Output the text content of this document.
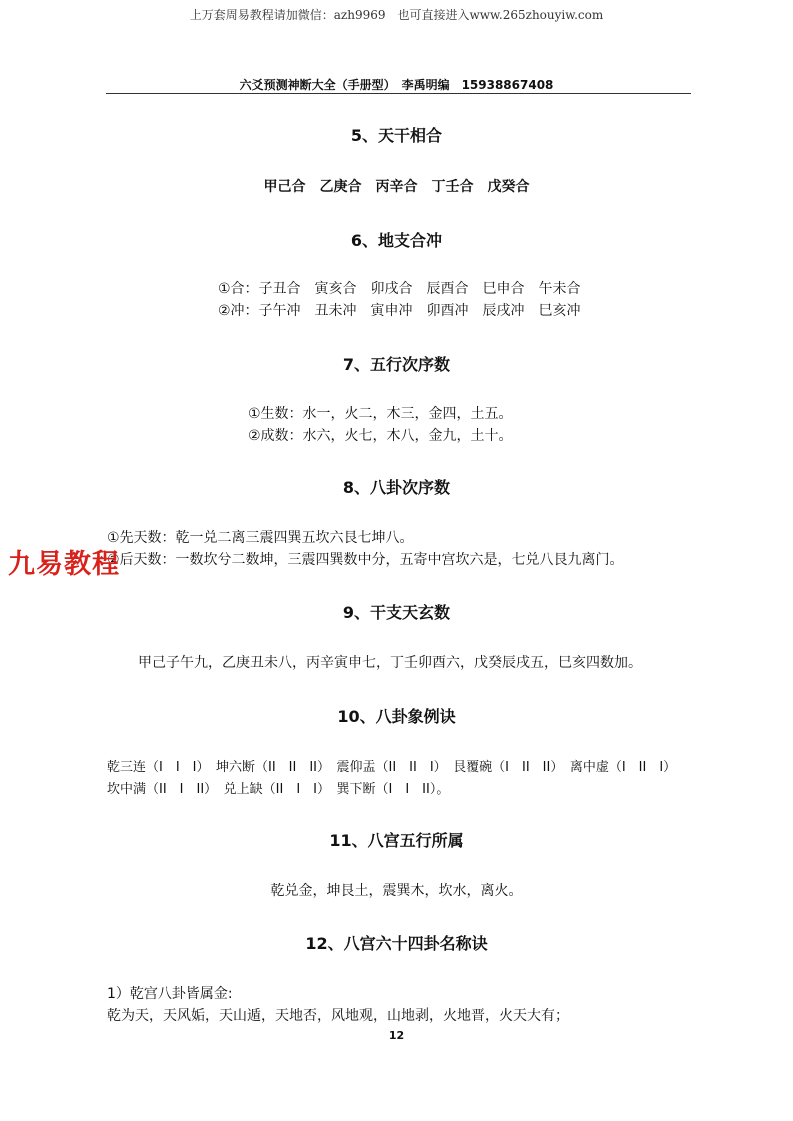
上万套周易教程请加微信：azh9969　也可直接进入www.265zhouyiw.com
六爻预测神断大全（手册型）　李禹明编　15938867408
5、天干相合
甲己合　乙庚合　丙辛合　丁壬合　戊癸合
6、地支合冲
①合：子丑合　寅亥合　卯戌合　辰酉合　巳申合　午未合
②冲：子午冲　丑未冲　寅申冲　卯酉冲　辰戌冲　巳亥冲
7、五行次序数
①生数：水一，火二，木三，金四，土五。
②成数：水六，火七，木八，金九，土十。
8、八卦次序数
①先天数：乾一兑二离三震四巽五坎六艮七坤八。
②后天数：一数坎兮二数坤，三震四巽数中分，五寄中宫坎六是，七兑八艮九离门。
九易教程
9、干支天玄数
甲己子午九，乙庚丑未八，丙辛寅申七，丁壬卯酉六，戊癸辰戌五，巳亥四数加。
10、八卦象例诀
乾三连（I　I　I）　坤六断（II　II　II）　震仰盂（II　II　I）　艮覆碗（I　II　II）　离中虚（I　II　I）
坎中满（II　I　II）　兑上缺（II　I　I）　巽下断（I　I　II）。
11、八宫五行所属
乾兑金，坤艮土，震巽木，坎水，离火。
12、八宫六十四卦名称诀
1）乾宫八卦皆属金:
乾为天，天风姤，天山遁，天地否，风地观，山地剥，火地晋，火天大有；
12
